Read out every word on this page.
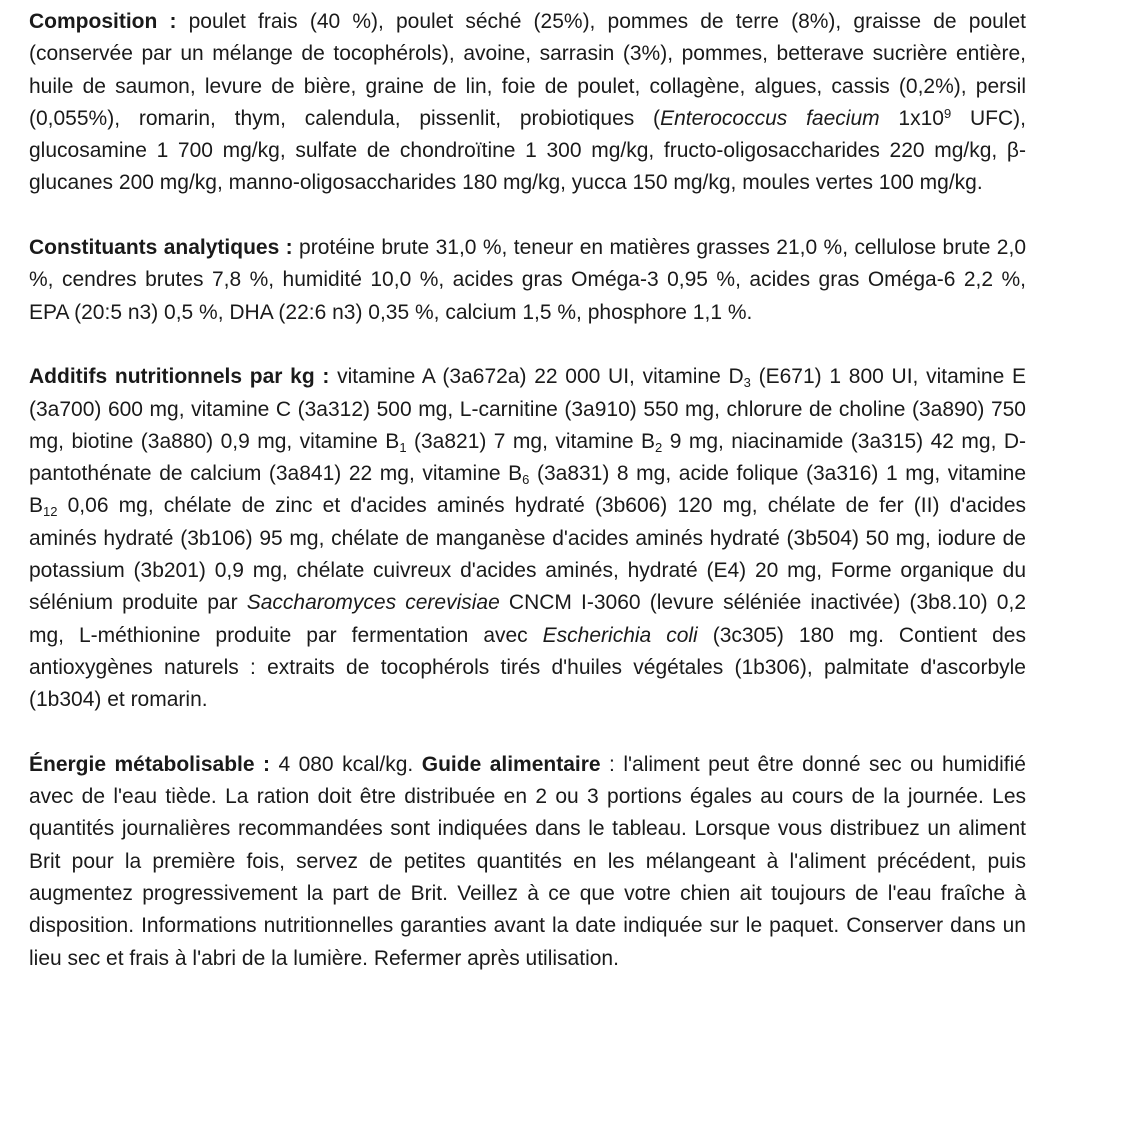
Composition : poulet frais (40 %), poulet séché (25%), pommes de terre (8%), graisse de poulet (conservée par un mélange de tocophérols), avoine, sarrasin (3%), pommes, betterave sucrière entière, huile de saumon, levure de bière, graine de lin, foie de poulet, collagène, algues, cassis (0,2%), persil (0,055%), romarin, thym, calendula, pissenlit, probiotiques (Enterococcus faecium $1x10^9$ UFC), glucosamine 1 700 mg/kg, sulfate de chondroïtine 1 300 mg/kg, fructo-oligosaccharides 220 mg/kg, β-glucanes 200 mg/kg, manno-oligosaccharides 180 mg/kg, yucca 150 mg/kg, moules vertes 100 mg/kg.

Constituants analytiques : protéine brute 31,0 %, teneur en matières grasses 21,0 %, cellulose brute 2,0 %, cendres brutes 7,8 %, humidité 10,0 %, acides gras Oméga-3 0,95 %, acides gras Oméga-6 2,2 %, EPA (20:5 n3) 0,5 %, DHA (22:6 n3) 0,35 %, calcium 1,5 %, phosphore 1,1 %.

Additifs nutritionnels par kg : vitamine A (3a672a) 22 000 UI, vitamine $D_3$ (E671) 1 800 UI, vitamine E (3a700) 600 mg, vitamine C (3a312) 500 mg, L-carnitine (3a910) 550 mg, chlorure de choline (3a890) 750 mg, biotine (3a880) 0,9 mg, vitamine $B_1$ (3a821) 7 mg, vitamine $B_2$ 9 mg, niacinamide (3a315) 42 mg, D-pantothénate de calcium (3a841) 22 mg, vitamine $B_6$ (3a831) 8 mg, acide folique (3a316) 1 mg, vitamine $B_{12}$ 0,06 mg, chélate de zinc et d'acides aminés hydraté (3b606) 120 mg, chélate de fer (II) d'acides aminés hydraté (3b106) 95 mg, chélate de manganèse d'acides aminés hydraté (3b504) 50 mg, iodure de potassium (3b201) 0,9 mg, chélate cuivreux d'acides aminés, hydraté (E4) 20 mg, Forme organique du sélénium produite par Saccharomyces cerevisiae CNCM I-3060 (levure séléniée inactivée) (3b8.10) 0,2 mg, L-méthionine produite par fermentation avec Escherichia coli (3c305) 180 mg. Contient des antioxygènes naturels : extraits de tocophérols tirés d'huiles végétales (1b306), palmitate d'ascorbyle (1b304) et romarin.

Énergie métabolisable : 4 080 kcal/kg. Guide alimentaire : l'aliment peut être donné sec ou humidifié avec de l'eau tiède. La ration doit être distribuée en 2 ou 3 portions égales au cours de la journée. Les quantités journalières recommandées sont indiquées dans le tableau. Lorsque vous distribuez un aliment Brit pour la première fois, servez de petites quantités en les mélangeant à l'aliment précédent, puis augmentez progressivement la part de Brit. Veillez à ce que votre chien ait toujours de l'eau fraîche à disposition. Informations nutritionnelles garanties avant la date indiquée sur le paquet. Conserver dans un lieu sec et frais à l'abri de la lumière. Refermer après utilisation.
